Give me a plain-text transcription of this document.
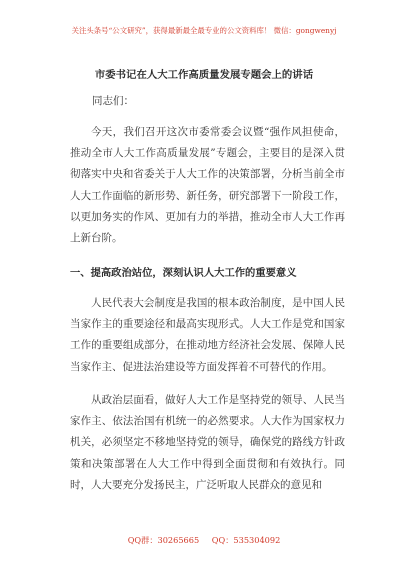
关注头条号“公文研究”，获得最新最全最专业的公文资料库！ 微信：gongwenyj
市委书记在人大工作高质量发展专题会上的讲话
同志们：

今天，我们召开这次市委常委会议暨“强作风担使命，推动全市人大工作高质量发展”专题会，主要目的是深入贯彻落实中央和省委关于人大工作的决策部署，分析当前全市人大工作面临的新形势、新任务，研究部署下一阶段工作，以更加务实的作风、更加有力的举措，推动全市人大工作再上新台阶。

一、提高政治站位，深刻认识人大工作的重要意义

人民代表大会制度是我国的根本政治制度，是中国人民当家作主的重要途径和最高实现形式。人大工作是党和国家工作的重要组成部分，在推动地方经济社会发展、保障人民当家作主、促进法治建设等方面发挥着不可替代的作用。

从政治层面看，做好人大工作是坚持党的领导、人民当家作主、依法治国有机统一的必然要求。人大作为国家权力机关，必须坚定不移地坚持党的领导，确保党的路线方针政策和决策部署在人大工作中得到全面贯彻和有效执行。同时，人大要充分发扬民主，广泛听取人民群众的意见和

QQ群：30265665 QQ：535304092
